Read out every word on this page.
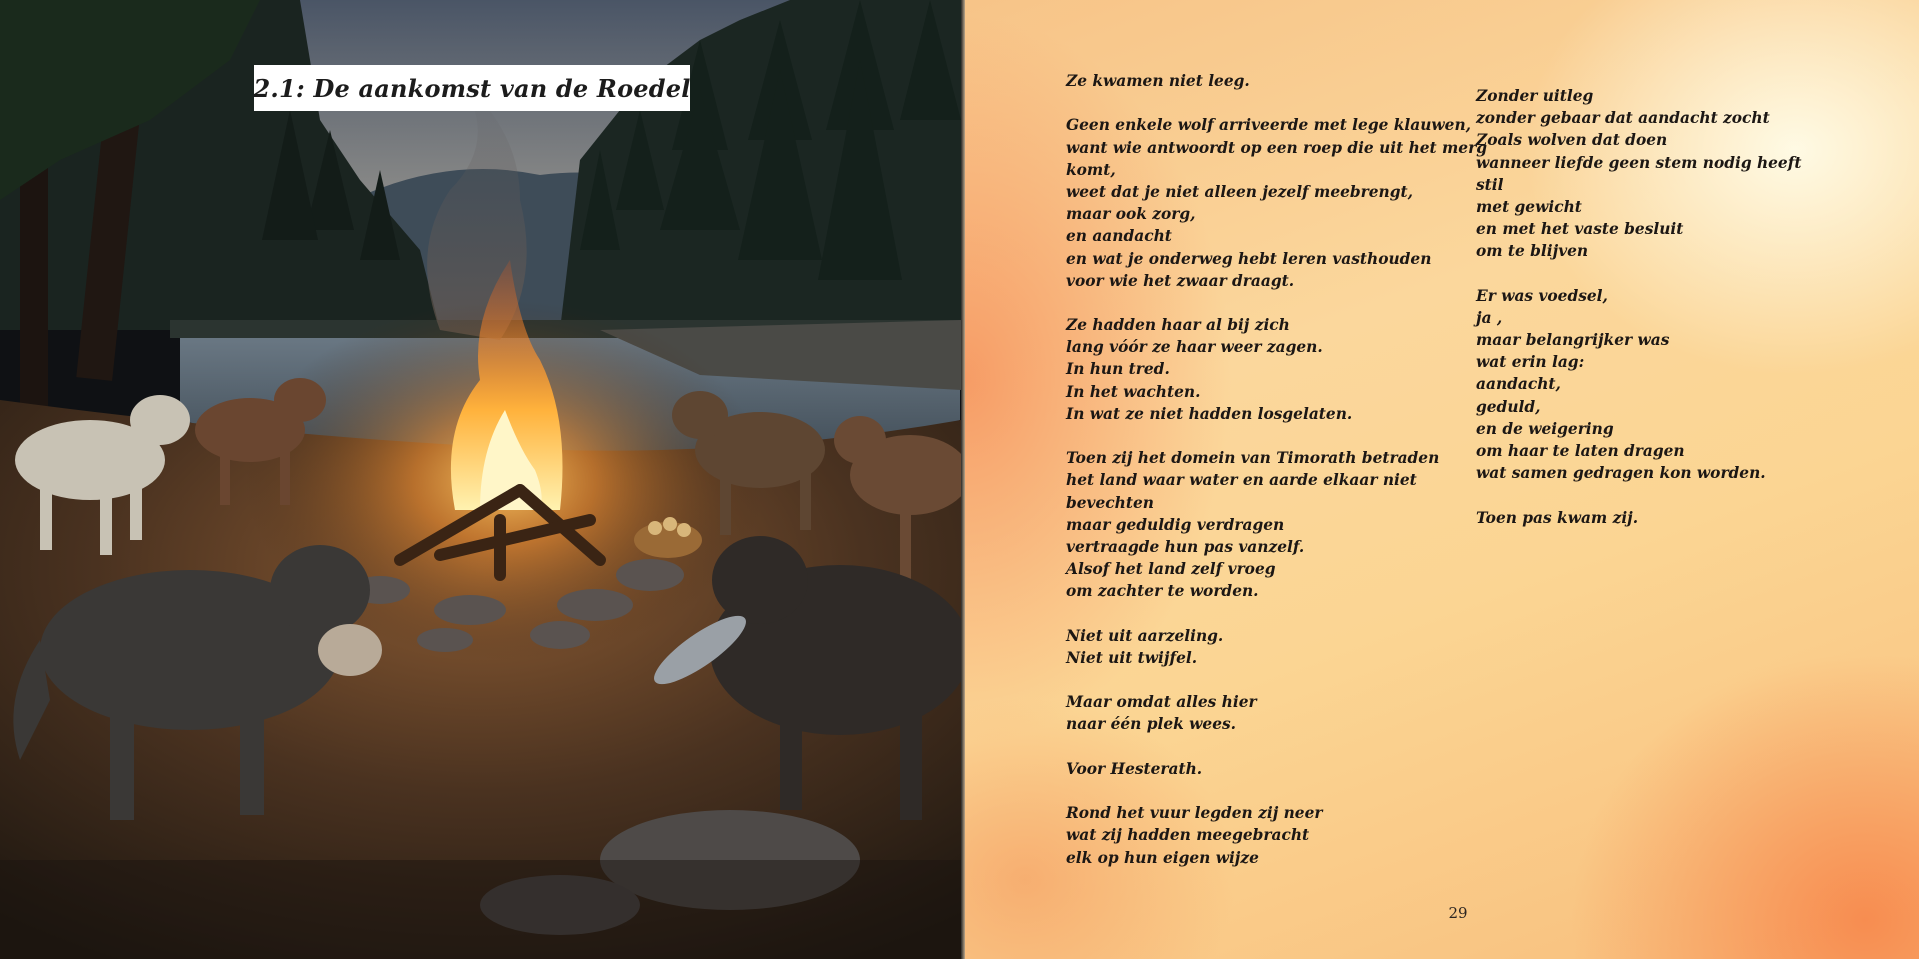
2.1: De aankomst van de Roedel	Ze kwamen niet leeg.
Geen enkele wolf arriveerde met lege klauwen,
want wie antwoordt op een roep die uit het merg
komt,
weet dat je niet alleen jezelf meebrengt,
maar ook zorg,
en aandacht
en wat je onderweg hebt leren vasthouden
voor wie het zwaar draagt.
Ze hadden haar al bij zich
lang vóór ze haar weer zagen.
In hun tred.
In het wachten.
In wat ze niet hadden losgelaten.
Toen zij het domein van Timorath betraden
het land waar water en aarde elkaar niet
bevechten
maar geduldig verdragen
vertraagde hun pas vanzelf.
Alsof het land zelf vroeg
om zachter te worden.
Niet uit aarzeling.
Niet uit twijfel.
Maar omdat alles hier
naar één plek wees.
Voor Hesterath.
Rond het vuur legden zij neer
wat zij hadden meegebracht
elk op hun eigen wijze
Zonder uitleg
zonder gebaar dat aandacht zocht
Zoals wolven dat doen
wanneer liefde geen stem nodig heeft
stil
met gewicht
en met het vaste besluit
om te blijven
Er was voedsel,
ja ,
maar belangrijker was
wat erin lag:
aandacht,
geduld,
en de weigering
om haar te laten dragen
wat samen gedragen kon worden.
Toen pas kwam zij.
29
